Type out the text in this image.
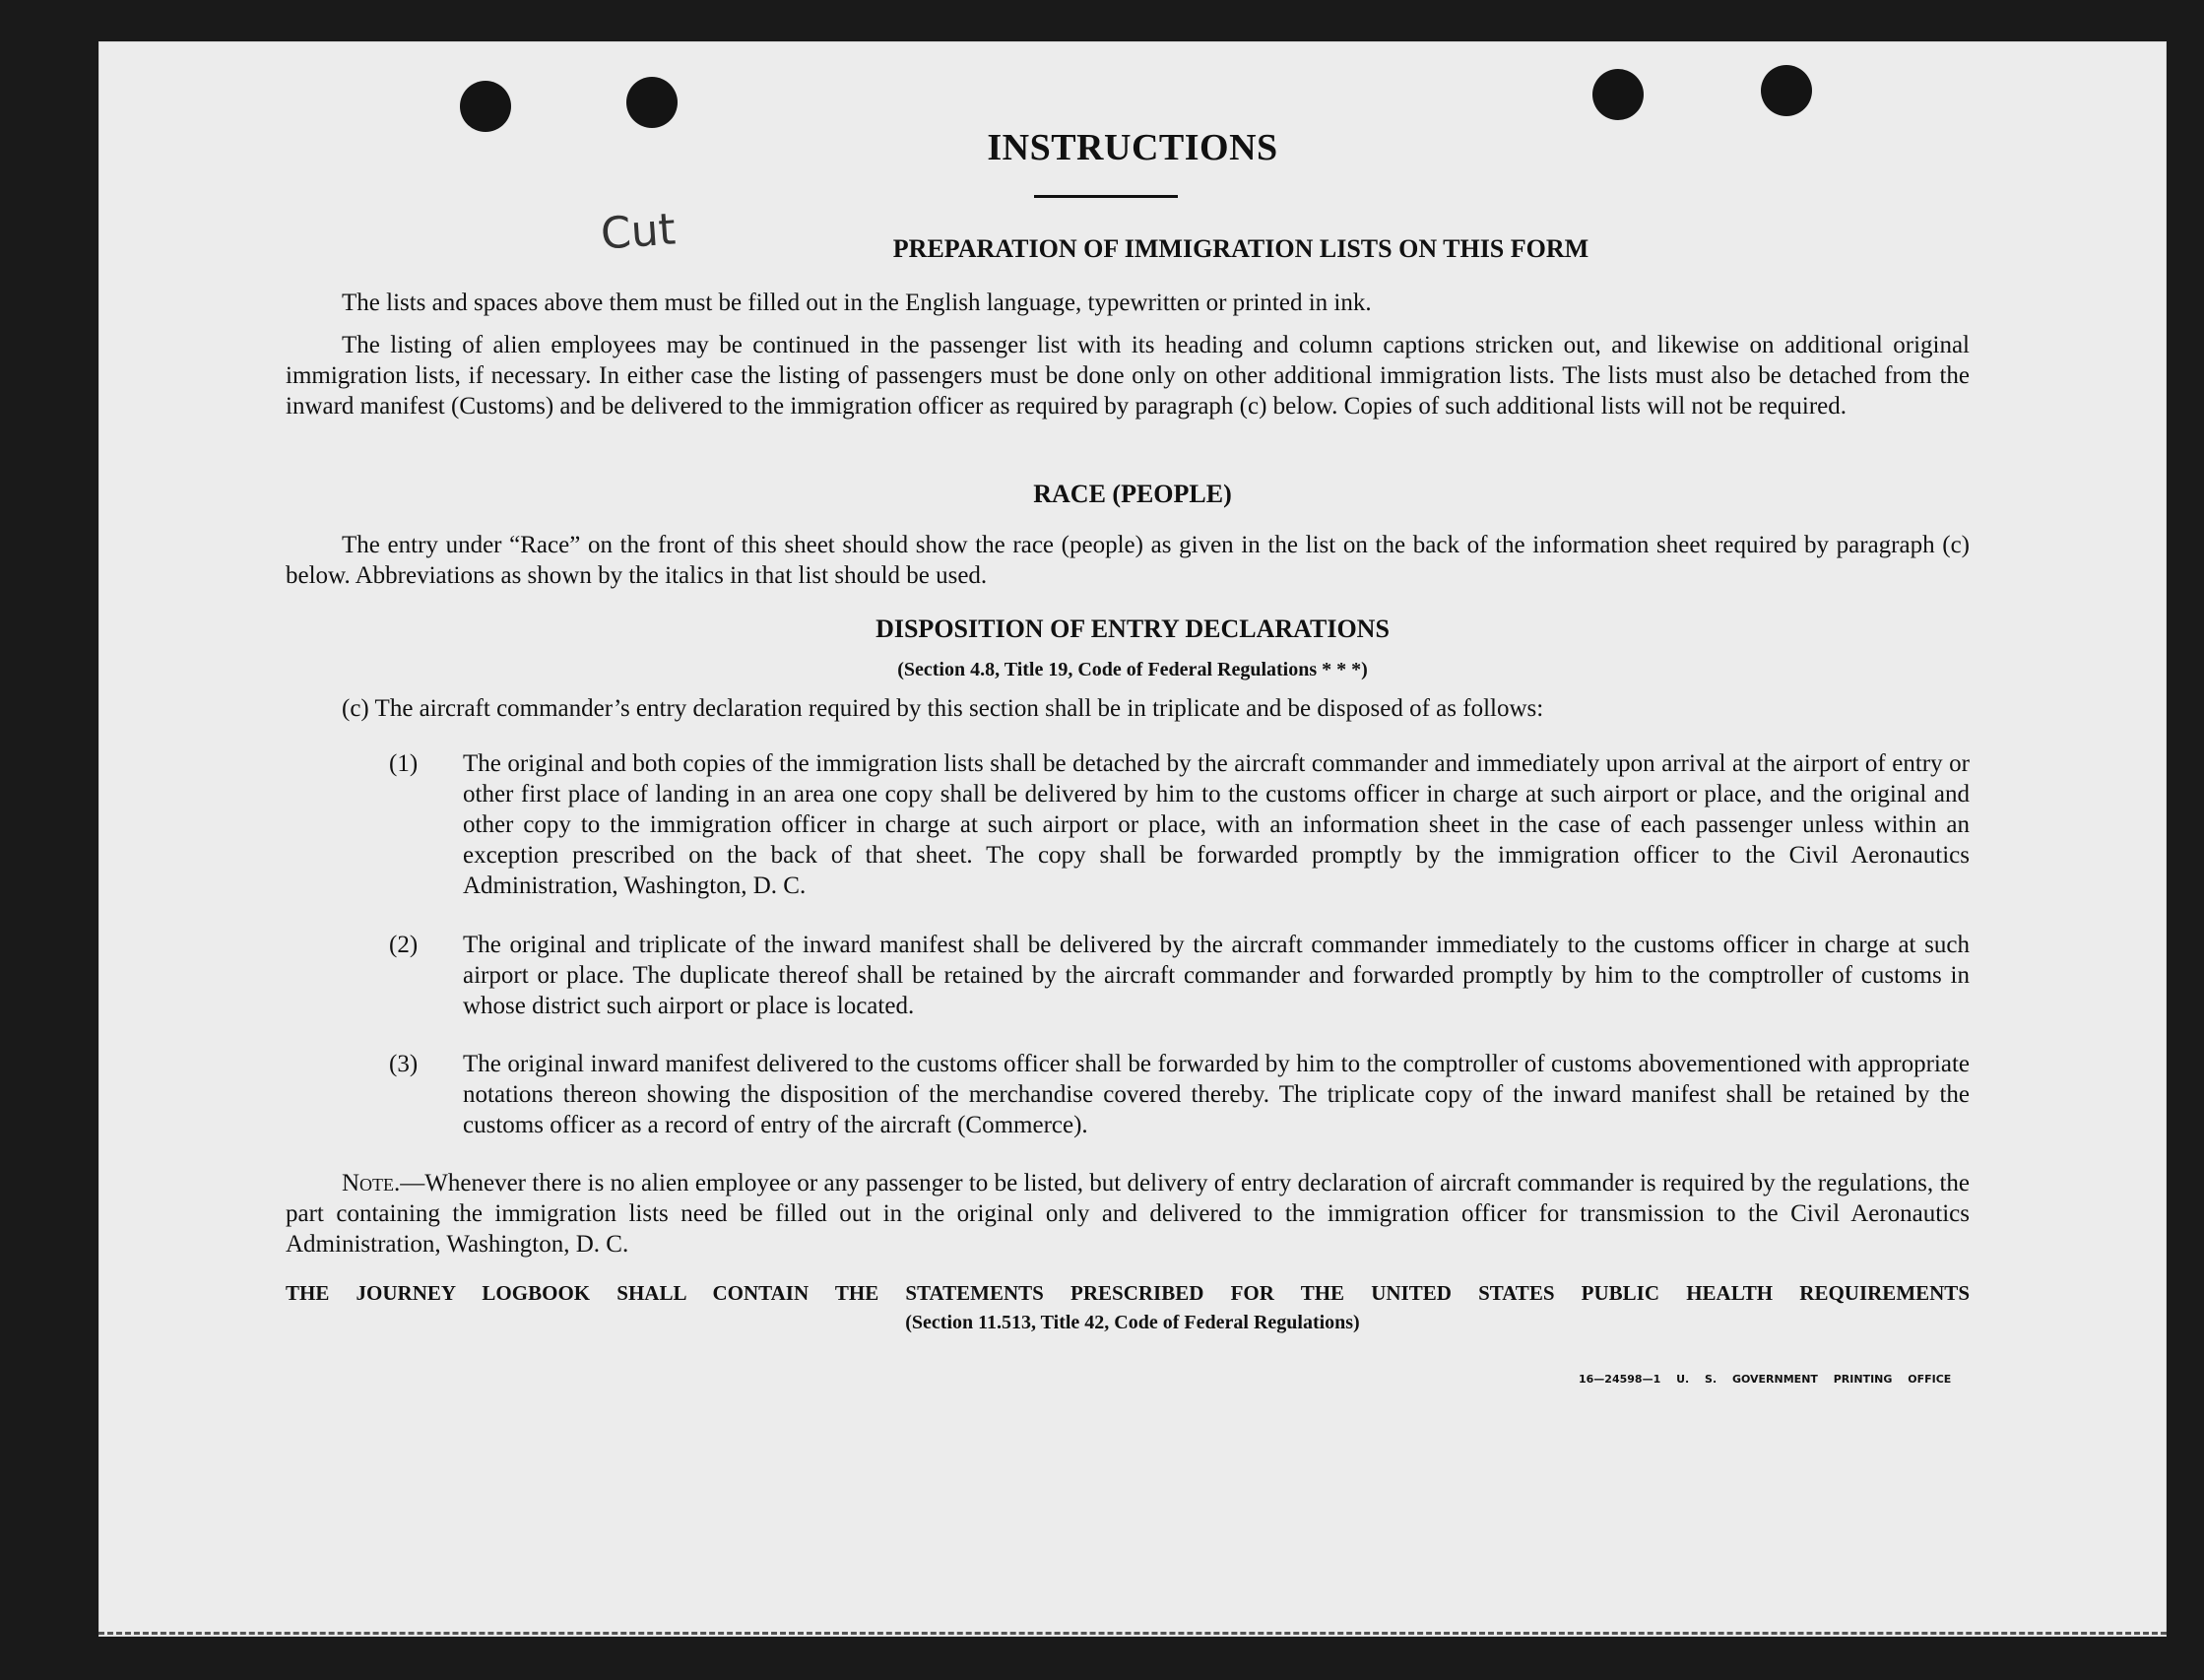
INSTRUCTIONS
Cut	PREPARATION OF IMMIGRATION LISTS ON THIS FORM

The lists and spaces above them must be filled out in the English language, typewritten or printed in ink.

The listing of alien employees may be continued in the passenger list with its heading and column captions stricken out, and likewise on additional original immigration lists, if necessary. In either case the listing of passengers must be done only on other additional immigration lists. The lists must also be detached from the inward manifest (Customs) and be delivered to the immigration officer as required by paragraph (c) below. Copies of such additional lists will not be required.

RACE (PEOPLE)

The entry under “Race” on the front of this sheet should show the race (people) as given in the list on the back of the information sheet required by paragraph (c) below. Abbreviations as shown by the italics in that list should be used.

DISPOSITION OF ENTRY DECLARATIONS
(Section 4.8, Title 19, Code of Federal Regulations * * *)

(c) The aircraft commander’s entry declaration required by this section shall be in triplicate and be disposed of as follows:

(1) The original and both copies of the immigration lists shall be detached by the aircraft commander and immediately upon arrival at the airport of entry or other first place of landing in an area one copy shall be delivered by him to the customs officer in charge at such airport or place, and the original and other copy to the immigration officer in charge at such airport or place, with an information sheet in the case of each passenger unless within an exception prescribed on the back of that sheet. The copy shall be forwarded promptly by the immigration officer to the Civil Aeronautics Administration, Washington, D. C.
(2) The original and triplicate of the inward manifest shall be delivered by the aircraft commander immediately to the customs officer in charge at such airport or place. The duplicate thereof shall be retained by the aircraft commander and forwarded promptly by him to the comptroller of customs in whose district such airport or place is located.
(3) The original inward manifest delivered to the customs officer shall be forwarded by him to the comptroller of customs abovementioned with appropriate notations thereon showing the disposition of the merchandise covered thereby. The triplicate copy of the inward manifest shall be retained by the customs officer as a record of entry of the aircraft (Commerce).

Note.—Whenever there is no alien employee or any passenger to be listed, but delivery of entry declaration of aircraft commander is required by the regulations, the part containing the immigration lists need be filled out in the original only and delivered to the immigration officer for transmission to the Civil Aeronautics Administration, Washington, D. C.

THE JOURNEY LOGBOOK SHALL CONTAIN THE STATEMENTS PRESCRIBED FOR THE UNITED STATES PUBLIC HEALTH REQUIREMENTS
(Section 11.513, Title 42, Code of Federal Regulations)
16—24598—1 U. S. GOVERNMENT PRINTING OFFICE
